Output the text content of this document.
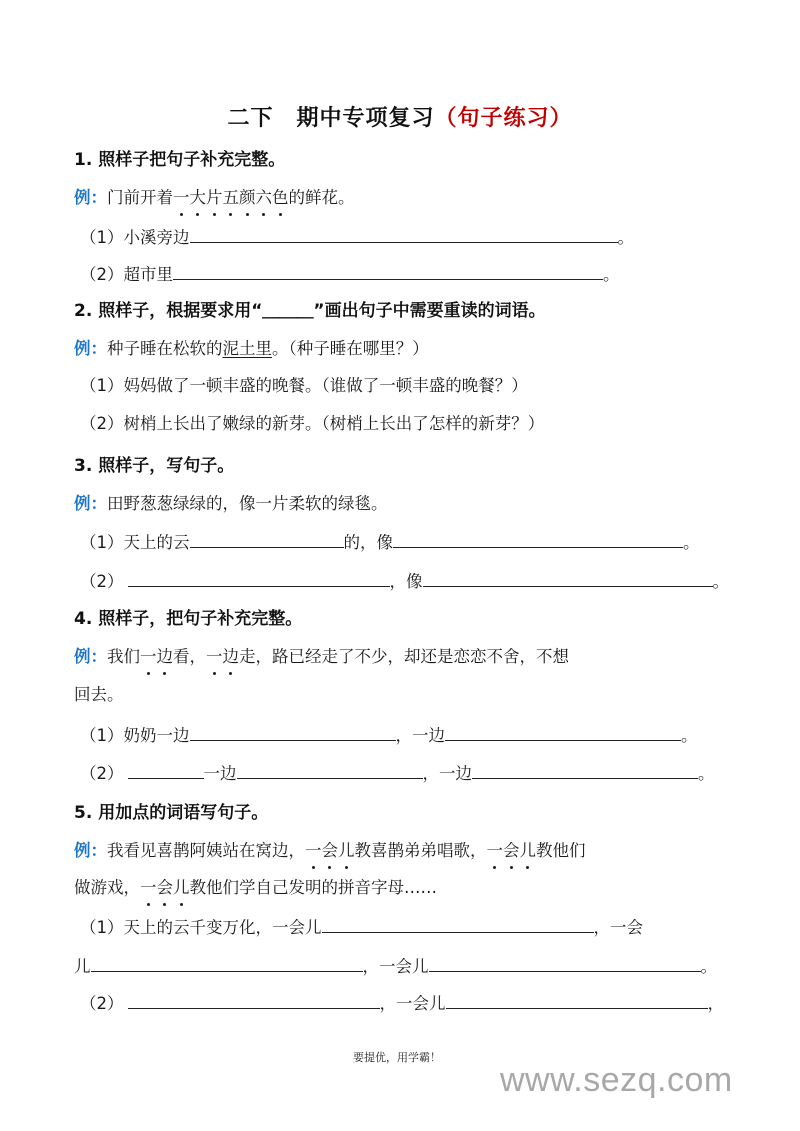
二下　期中专项复习（句子练习）
1. 照样子把句子补充完整。
例：门前开着一大片五颜六色的鲜花。
（1）小溪旁边	。
（2）超市里	。
2. 照样子，根据要求用“＿＿＿”画出句子中需要重读的词语。
例：种子睡在松软的泥土里。（种子睡在哪里？）
（1）妈妈做了一顿丰盛的晚餐。（谁做了一顿丰盛的晚餐？）
（2）树梢上长出了嫩绿的新芽。（树梢上长出了怎样的新芽？）
3. 照样子，写句子。
例：田野葱葱绿绿的，像一片柔软的绿毯。
（1）天上的云	的，像	。
（2）	，像	。
4. 照样子，把句子补充完整。
例：我们一边看，一边走，路已经走了不少，却还是恋恋不舍，不想
回去。
（1）奶奶一边	，一边	。
（2）	一边	，一边	。
5. 用加点的词语写句子。
例：我看见喜鹊阿姨站在窝边，一会儿教喜鹊弟弟唱歌，一会儿教他们
做游戏，一会儿教他们学自己发明的拼音字母……
（1）天上的云千变万化，一会儿	，一会
儿	，一会儿	。
（2）	，一会儿	，
要提优，用学霸！
www.sezq.com
